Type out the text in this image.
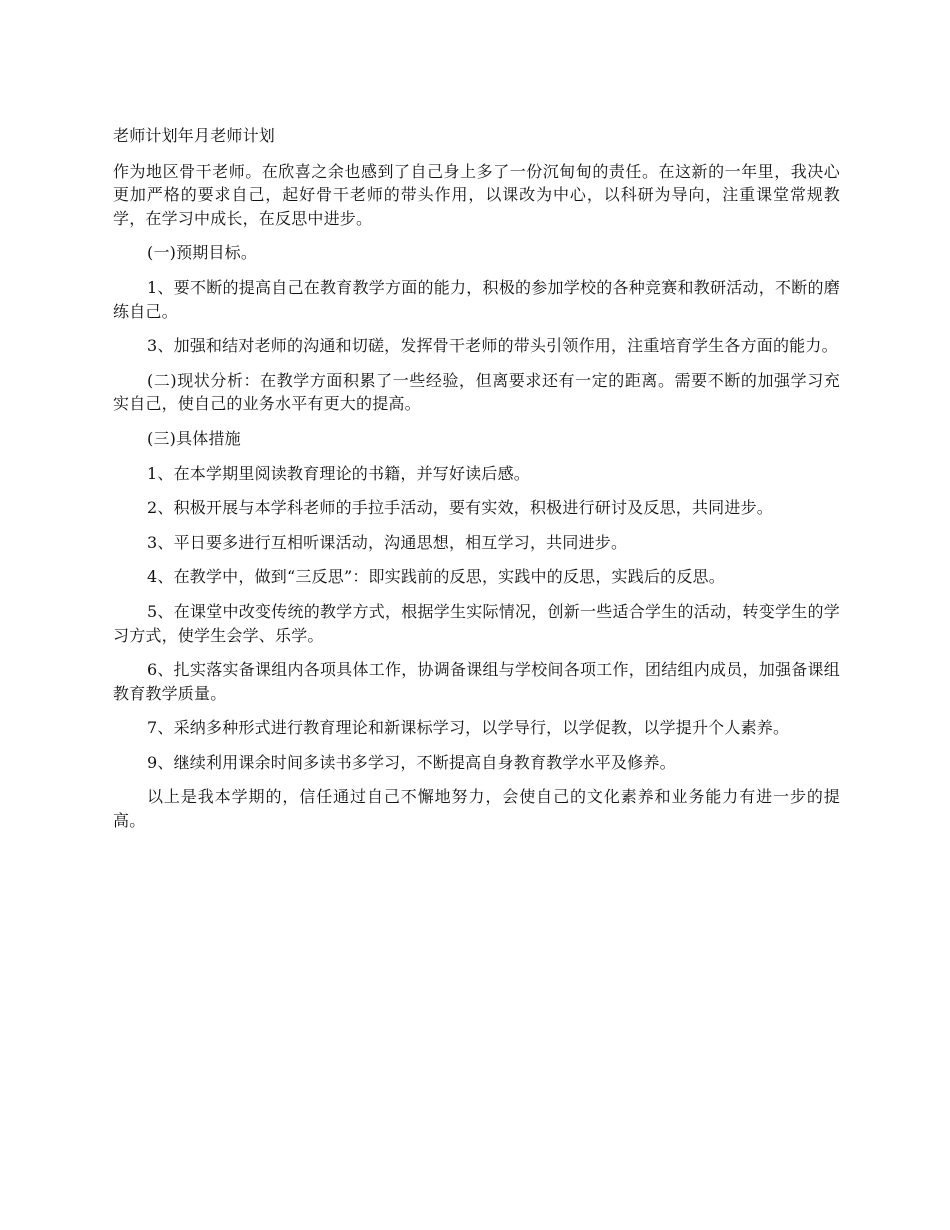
老师计划年月老师计划

作为地区骨干老师。在欣喜之余也感到了自己身上多了一份沉甸甸的责任。在这新的一年里，我决心更加严格的要求自己，起好骨干老师的带头作用，以课改为中心，以科研为导向，注重课堂常规教学，在学习中成长，在反思中进步。

(一)预期目标。

1、要不断的提高自己在教育教学方面的能力，积极的参加学校的各种竞赛和教研活动，不断的磨练自己。

3、加强和结对老师的沟通和切磋，发挥骨干老师的带头引领作用，注重培育学生各方面的能力。

(二)现状分析：在教学方面积累了一些经验，但离要求还有一定的距离。需要不断的加强学习充实自己，使自己的业务水平有更大的提高。

(三)具体措施

1、在本学期里阅读教育理论的书籍，并写好读后感。

2、积极开展与本学科老师的手拉手活动，要有实效，积极进行研讨及反思，共同进步。

3、平日要多进行互相听课活动，沟通思想，相互学习，共同进步。

4、在教学中，做到“三反思”：即实践前的反思，实践中的反思，实践后的反思。

5、在课堂中改变传统的教学方式，根据学生实际情况，创新一些适合学生的活动，转变学生的学习方式，使学生会学、乐学。

6、扎实落实备课组内各项具体工作，协调备课组与学校间各项工作，团结组内成员，加强备课组教育教学质量。

7、采纳多种形式进行教育理论和新课标学习，以学导行，以学促教，以学提升个人素养。

9、继续利用课余时间多读书多学习，不断提高自身教育教学水平及修养。

以上是我本学期的，信任通过自己不懈地努力，会使自己的文化素养和业务能力有进一步的提高。
